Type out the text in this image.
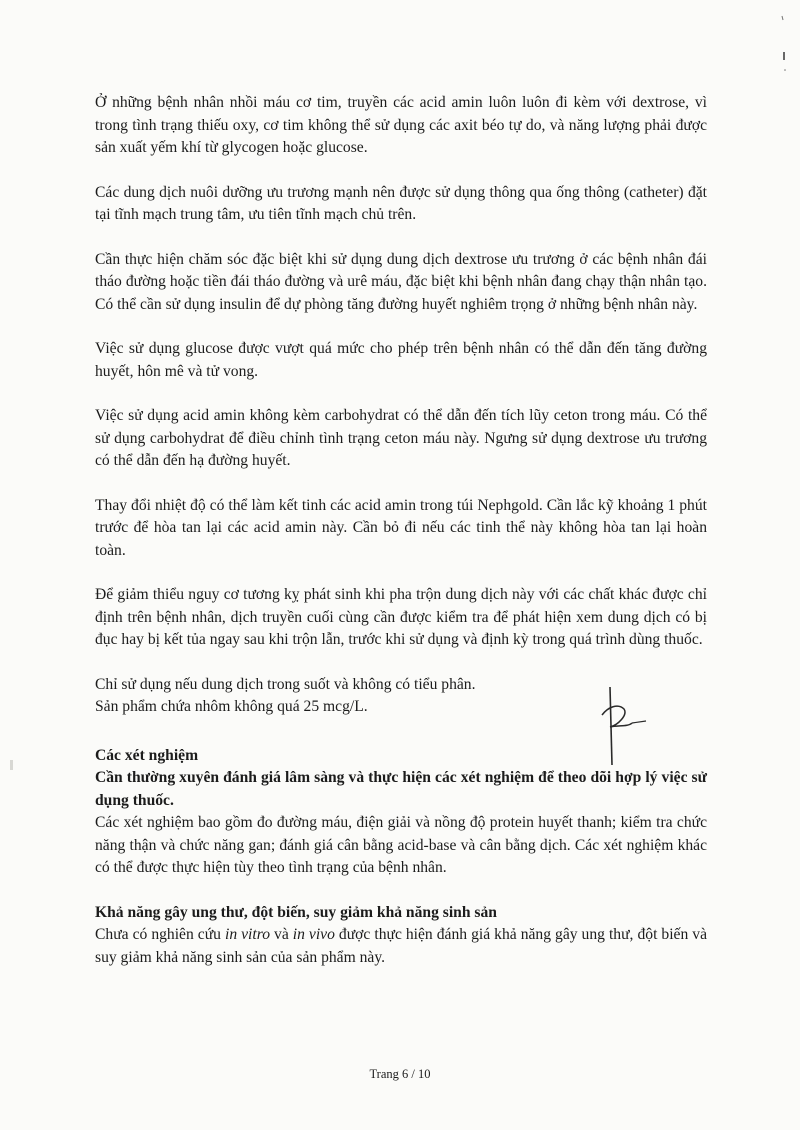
Ở những bệnh nhân nhồi máu cơ tim, truyền các acid amin luôn luôn đi kèm với dextrose, vì trong tình trạng thiếu oxy, cơ tim không thể sử dụng các axit béo tự do, và năng lượng phải được sản xuất yếm khí từ glycogen hoặc glucose.

Các dung dịch nuôi dưỡng ưu trương mạnh nên được sử dụng thông qua ống thông (catheter) đặt tại tĩnh mạch trung tâm, ưu tiên tĩnh mạch chủ trên.

Cần thực hiện chăm sóc đặc biệt khi sử dụng dung dịch dextrose ưu trương ở các bệnh nhân đái tháo đường hoặc tiền đái tháo đường và urê máu, đặc biệt khi bệnh nhân đang chạy thận nhân tạo. Có thể cần sử dụng insulin để dự phòng tăng đường huyết nghiêm trọng ở những bệnh nhân này.

Việc sử dụng glucose được vượt quá mức cho phép trên bệnh nhân có thể dẫn đến tăng đường huyết, hôn mê và tử vong.

Việc sử dụng acid amin không kèm carbohydrat có thể dẫn đến tích lũy ceton trong máu. Có thể sử dụng carbohydrat để điều chỉnh tình trạng ceton máu này. Ngưng sử dụng dextrose ưu trương có thể dẫn đến hạ đường huyết.

Thay đổi nhiệt độ có thể làm kết tinh các acid amin trong túi Nephgold. Cần lắc kỹ khoảng 1 phút trước để hòa tan lại các acid amin này. Cần bỏ đi nếu các tinh thể này không hòa tan lại hoàn toàn.

Để giảm thiểu nguy cơ tương kỵ phát sinh khi pha trộn dung dịch này với các chất khác được chỉ định trên bệnh nhân, dịch truyền cuối cùng cần được kiểm tra để phát hiện xem dung dịch có bị đục hay bị kết tủa ngay sau khi trộn lẫn, trước khi sử dụng và định kỳ trong quá trình dùng thuốc.

Chỉ sử dụng nếu dung dịch trong suốt và không có tiểu phân.

Sản phẩm chứa nhôm không quá 25 mcg/L.

Các xét nghiệm

Cần thường xuyên đánh giá lâm sàng và thực hiện các xét nghiệm để theo dõi hợp lý việc sử dụng thuốc.

Các xét nghiệm bao gồm đo đường máu, điện giải và nồng độ protein huyết thanh; kiểm tra chức năng thận và chức năng gan; đánh giá cân bằng acid-base và cân bằng dịch. Các xét nghiệm khác có thể được thực hiện tùy theo tình trạng của bệnh nhân.

Khả năng gây ung thư, đột biến, suy giảm khả năng sinh sản

Chưa có nghiên cứu in vitro và in vivo được thực hiện đánh giá khả năng gây ung thư, đột biến và suy giảm khả năng sinh sản của sản phẩm này.

Trang 6 / 10
